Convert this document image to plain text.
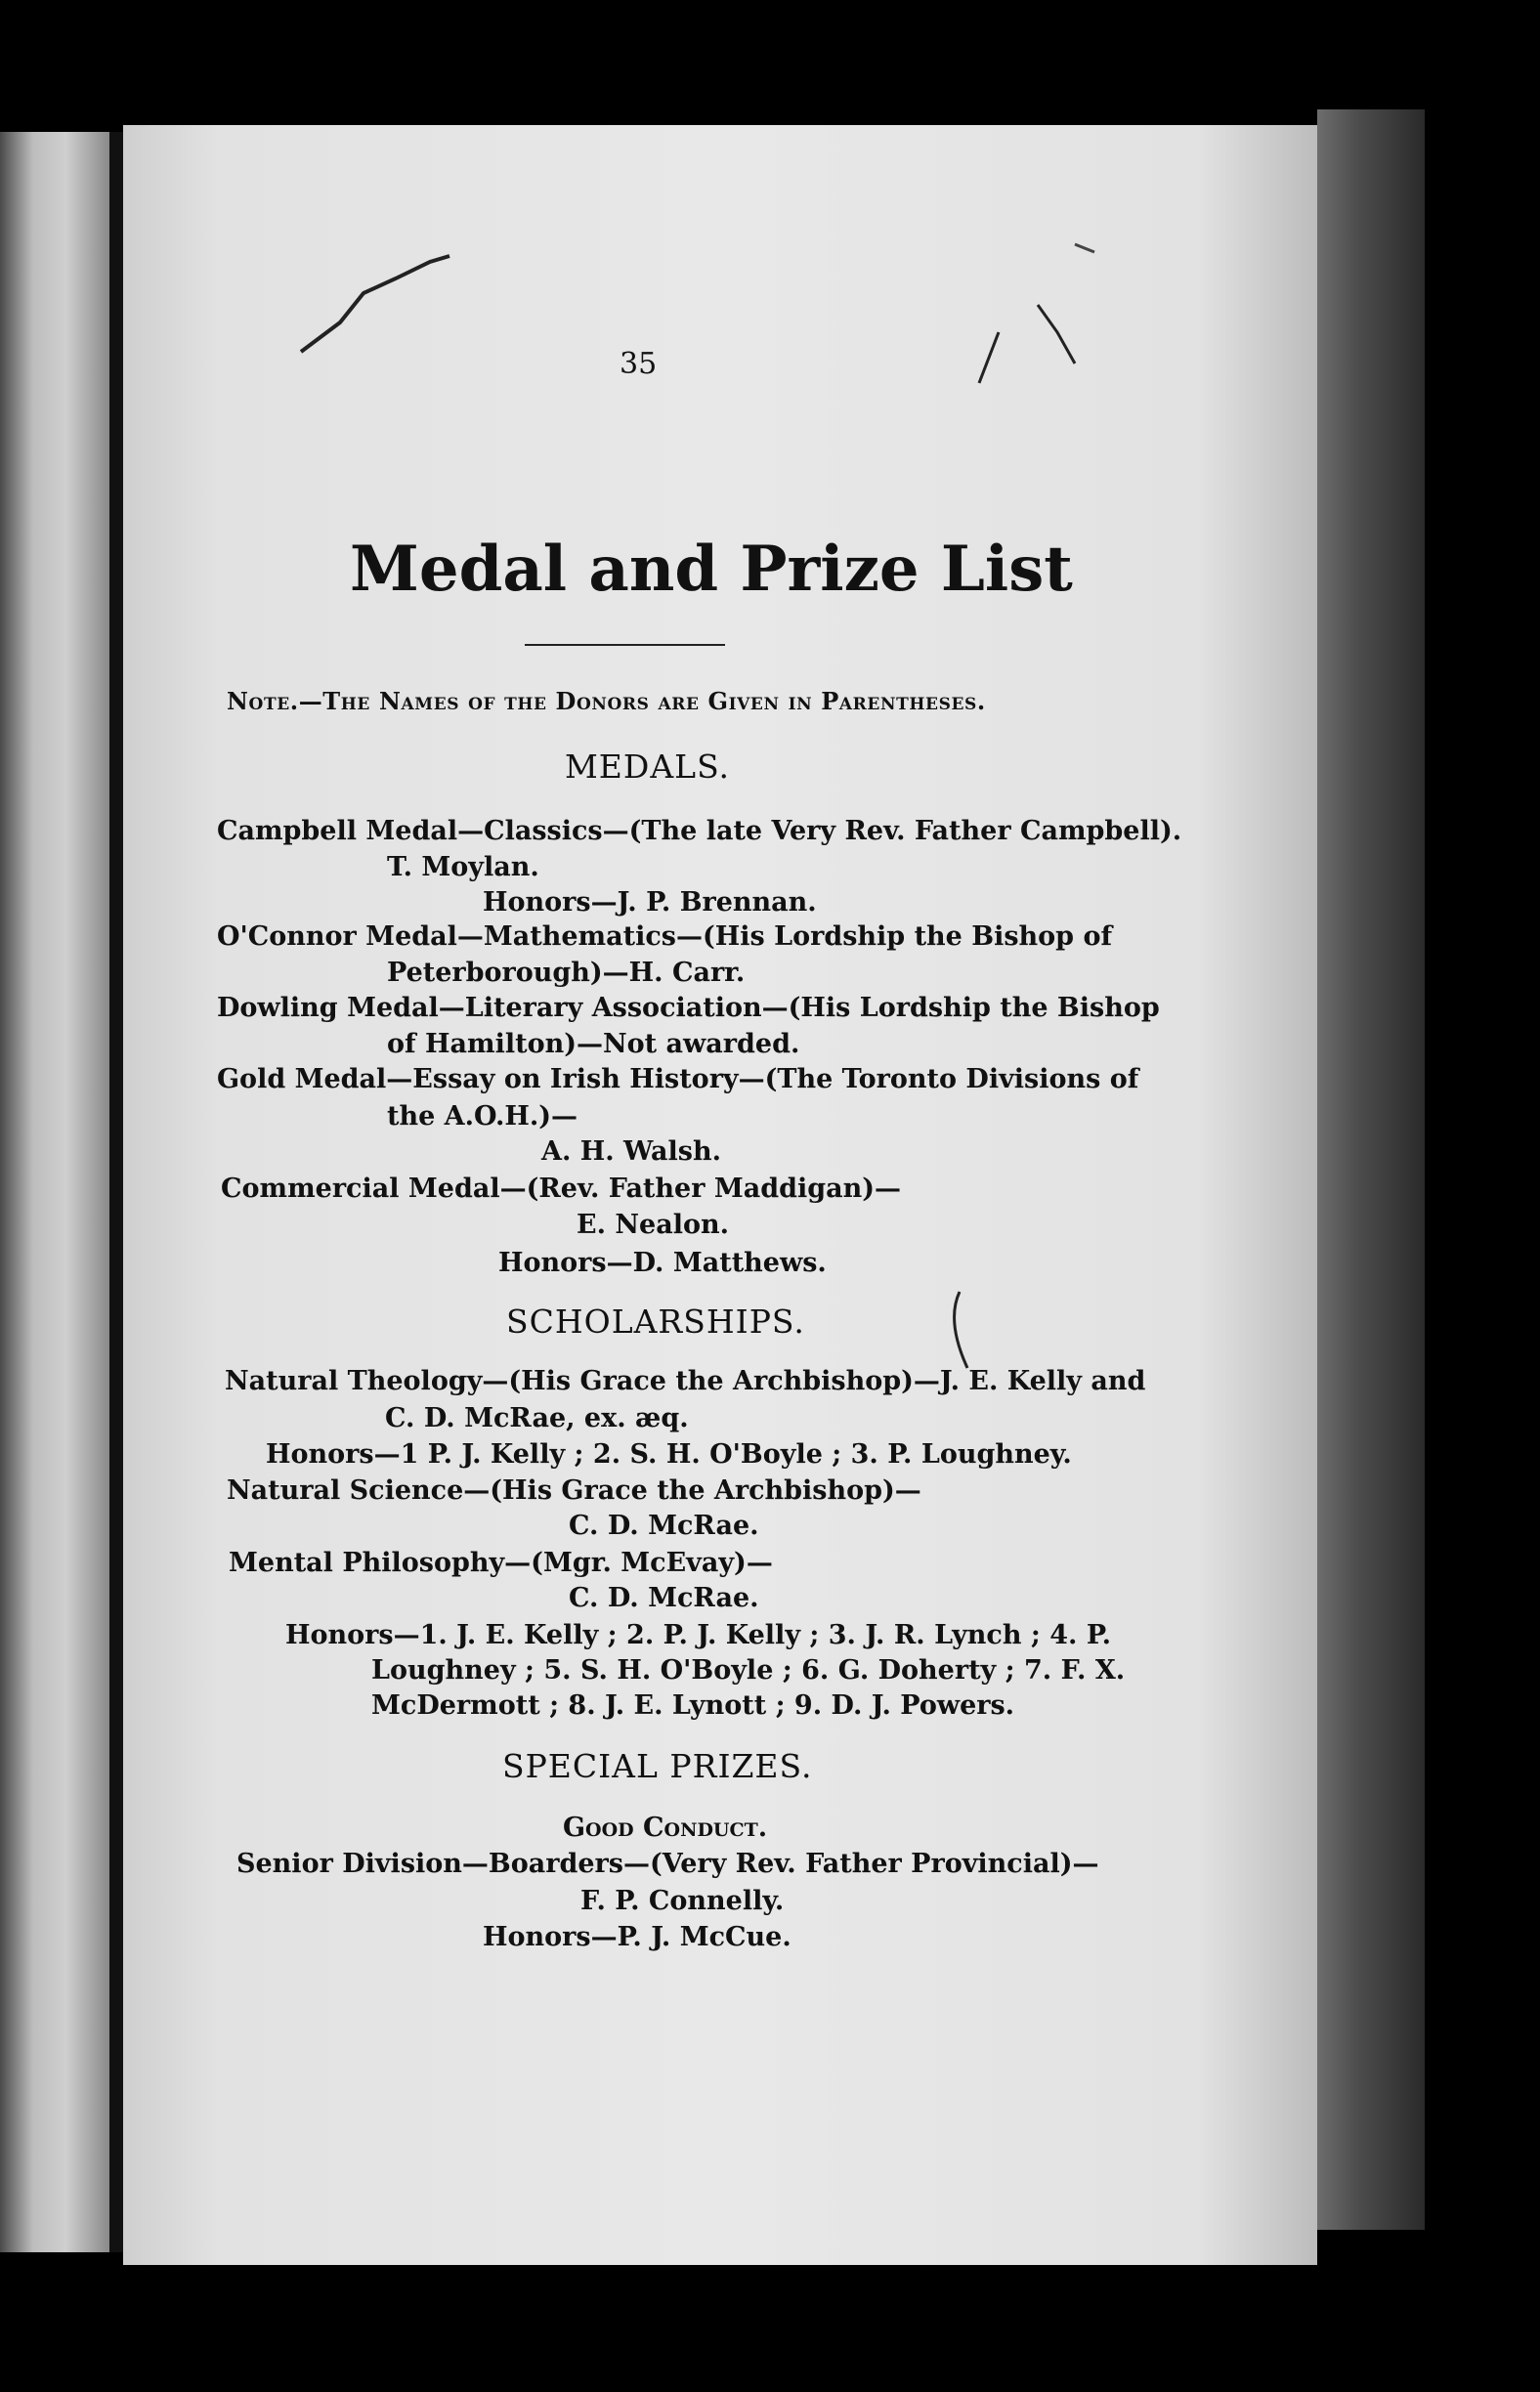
35
Medal and Prize List
Note.—The Names of the Donors are Given in Parentheses.
MEDALS.
Campbell Medal—Classics—(The late Very Rev. Father Campbell).
T. Moylan.
Honors—J. P. Brennan.
O'Connor Medal—Mathematics—(His Lordship the Bishop of
Peterborough)—H. Carr.
Dowling Medal—Literary Association—(His Lordship the Bishop
of Hamilton)—Not awarded.
Gold Medal—Essay on Irish History—(The Toronto Divisions of
the A.O.H.)—
A. H. Walsh.
Commercial Medal—(Rev. Father Maddigan)—
E. Nealon.
Honors—D. Matthews.
SCHOLARSHIPS.
Natural Theology—(His Grace the Archbishop)—J. E. Kelly and
C. D. McRae, ex. æq.
Honors—1 P. J. Kelly ; 2. S. H. O'Boyle ; 3. P. Loughney.
Natural Science—(His Grace the Archbishop)—
C. D. McRae.
Mental Philosophy—(Mgr. McEvay)—
C. D. McRae.
Honors—1. J. E. Kelly ; 2. P. J. Kelly ; 3. J. R. Lynch ; 4. P.
Loughney ; 5. S. H. O'Boyle ; 6. G. Doherty ; 7. F. X.
McDermott ; 8. J. E. Lynott ; 9. D. J. Powers.
SPECIAL PRIZES.
Good Conduct.
Senior Division—Boarders—(Very Rev. Father Provincial)—
F. P. Connelly.
Honors—P. J. McCue.
